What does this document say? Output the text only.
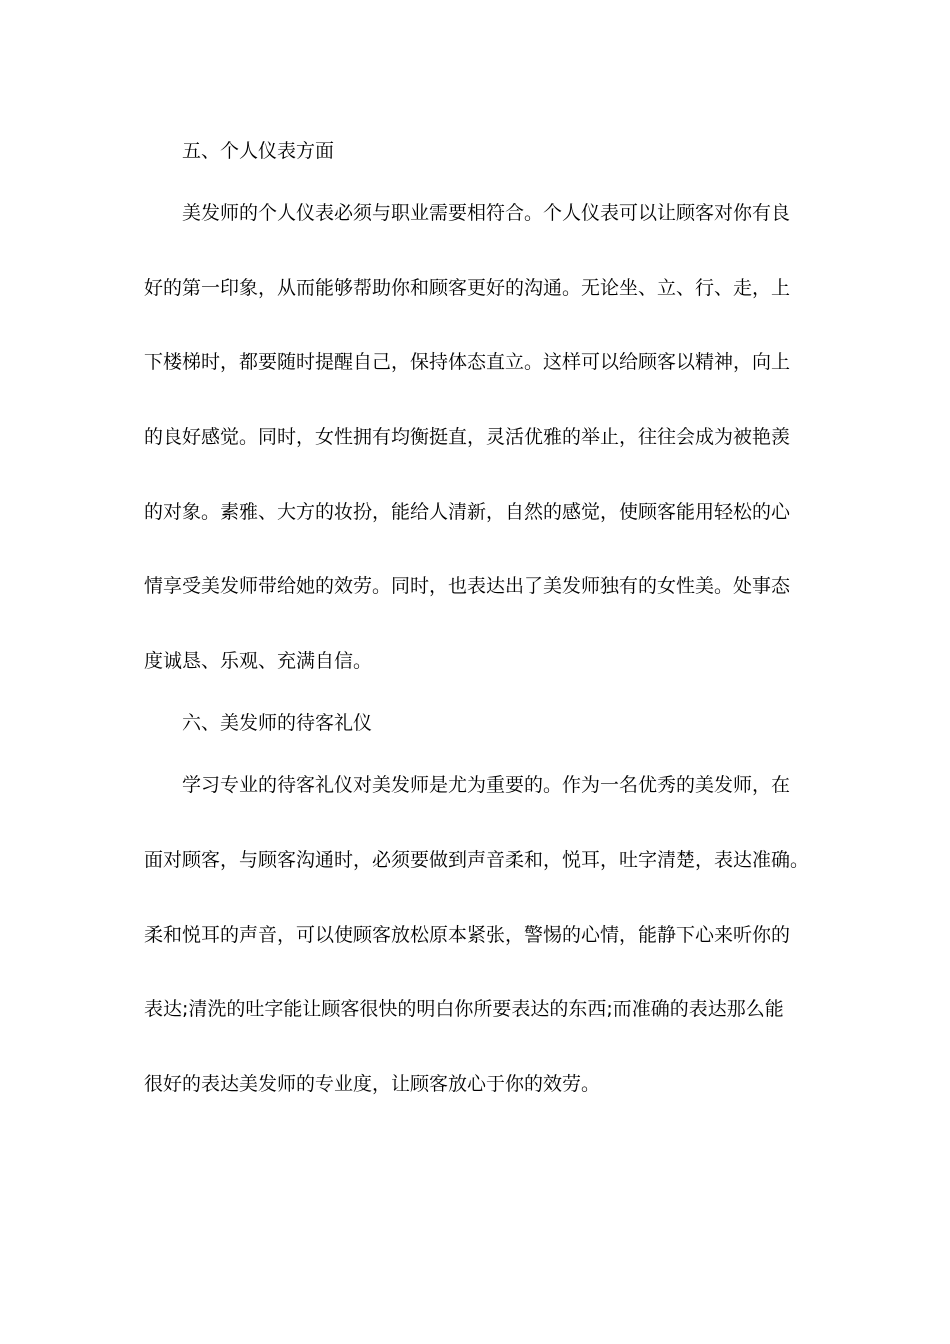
五、个人仪表方面
美发师的个人仪表必须与职业需要相符合。个人仪表可以让顾客对你有良
好的第一印象，从而能够帮助你和顾客更好的沟通。无论坐、立、行、走，上
下楼梯时，都要随时提醒自己，保持体态直立。这样可以给顾客以精神，向上
的良好感觉。同时，女性拥有均衡挺直，灵活优雅的举止，往往会成为被艳羡
的对象。素雅、大方的妆扮，能给人清新，自然的感觉，使顾客能用轻松的心
情享受美发师带给她的效劳。同时，也表达出了美发师独有的女性美。处事态
度诚恳、乐观、充满自信。
六、美发师的待客礼仪
学习专业的待客礼仪对美发师是尤为重要的。作为一名优秀的美发师，在
面对顾客，与顾客沟通时，必须要做到声音柔和，悦耳，吐字清楚，表达准确。
柔和悦耳的声音，可以使顾客放松原本紧张，警惕的心情，能静下心来听你的
表达;清洗的吐字能让顾客很快的明白你所要表达的东西;而准确的表达那么能
很好的表达美发师的专业度，让顾客放心于你的效劳。
